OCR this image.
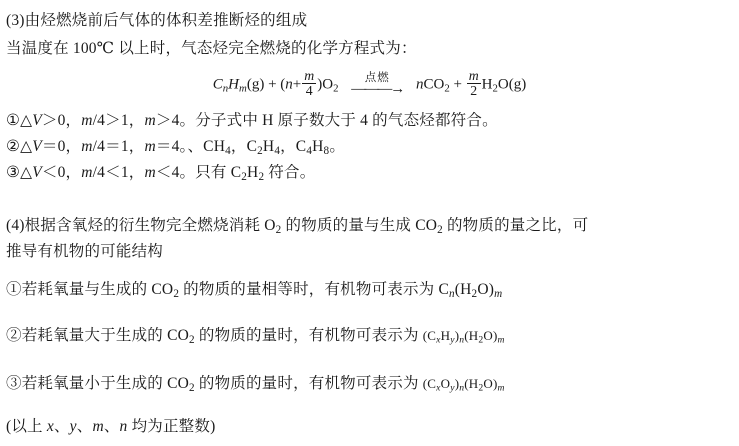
(3)由烃燃烧前后气体的体积差推断烃的组成
当温度在 100℃ 以上时，气态烃完全燃烧的化学方程式为：
$C_nH_m(g) + (n+ \frac{m}{4} )O_2$
点燃
———→ $nCO_2 + \frac{m}{2} H_2O(g)$
①△V＞0，m/4＞1，m＞4。分子式中 H 原子数大于 4 的气态烃都符合。
②△V＝0，m/4＝1，m＝4。、$CH_4$，$C_2H_4$，$C_4H_8$。
③△V＜0，m/4＜1，m＜4。只有 $C_2H_2$ 符合。
(4)根据含氧烃的衍生物完全燃烧消耗 $O_2$ 的物质的量与生成 $CO_2$ 的物质的量之比，可
推导有机物的可能结构
①若耗氧量与生成的 $CO_2$ 的物质的量相等时，有机物可表示为 $C_n(H_2O)_m$
②若耗氧量大于生成的 $CO_2$ 的物质的量时，有机物可表示为 $(C_xH_y)_n(H_2O)_m$
③若耗氧量小于生成的 $CO_2$ 的物质的量时，有机物可表示为 $(C_xO_y)_n(H_2O)_m$
(以上 x、y、m、n 均为正整数)
